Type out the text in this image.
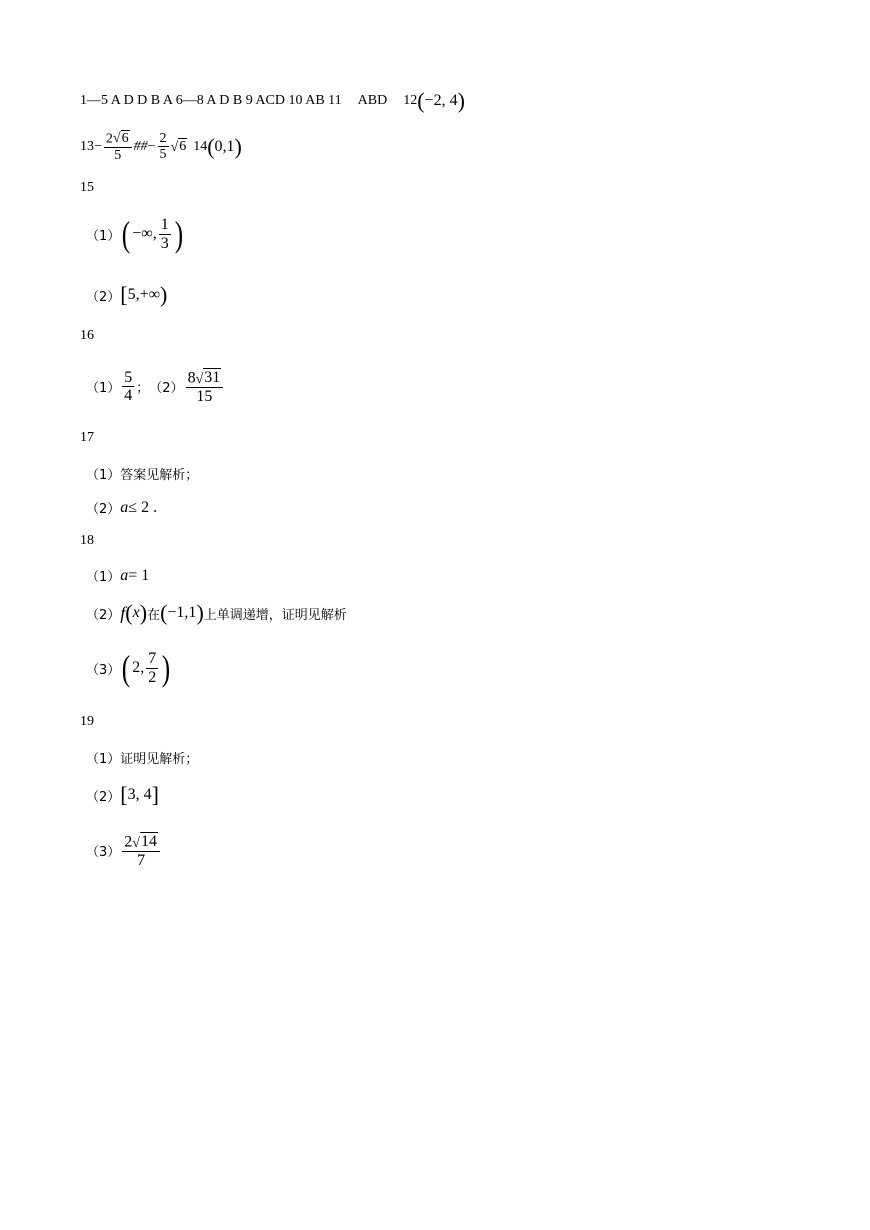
1—5 A D D B A 6—8 A D B 9 ACD 10 AB 11 ABD 12 ( −2, 4 )
$13 - \frac{2 √ 6}{5}$ ## − $\frac{2}{5}$ √ 6 14 ( 0,1 )
15
（1） ( −∞, $\frac{1}{3}$ )
（2） [ 5,+∞ )
16
$(1) \frac{5}{4}$ ； $(2) \frac{8 √ 31}{15}$
17
（1）答案见解析；
（2） a ≤ 2 .
18
（1） a = 1
（2） f ( x ) 在 ( −1,1 ) 上单调递增，证明见解析
（3） ( 2, $\frac{7}{2}$ )
19
（1）证明见解析；
（2） [ 3, 4 ]
$(3) \frac{2 √ 14}{7}$
